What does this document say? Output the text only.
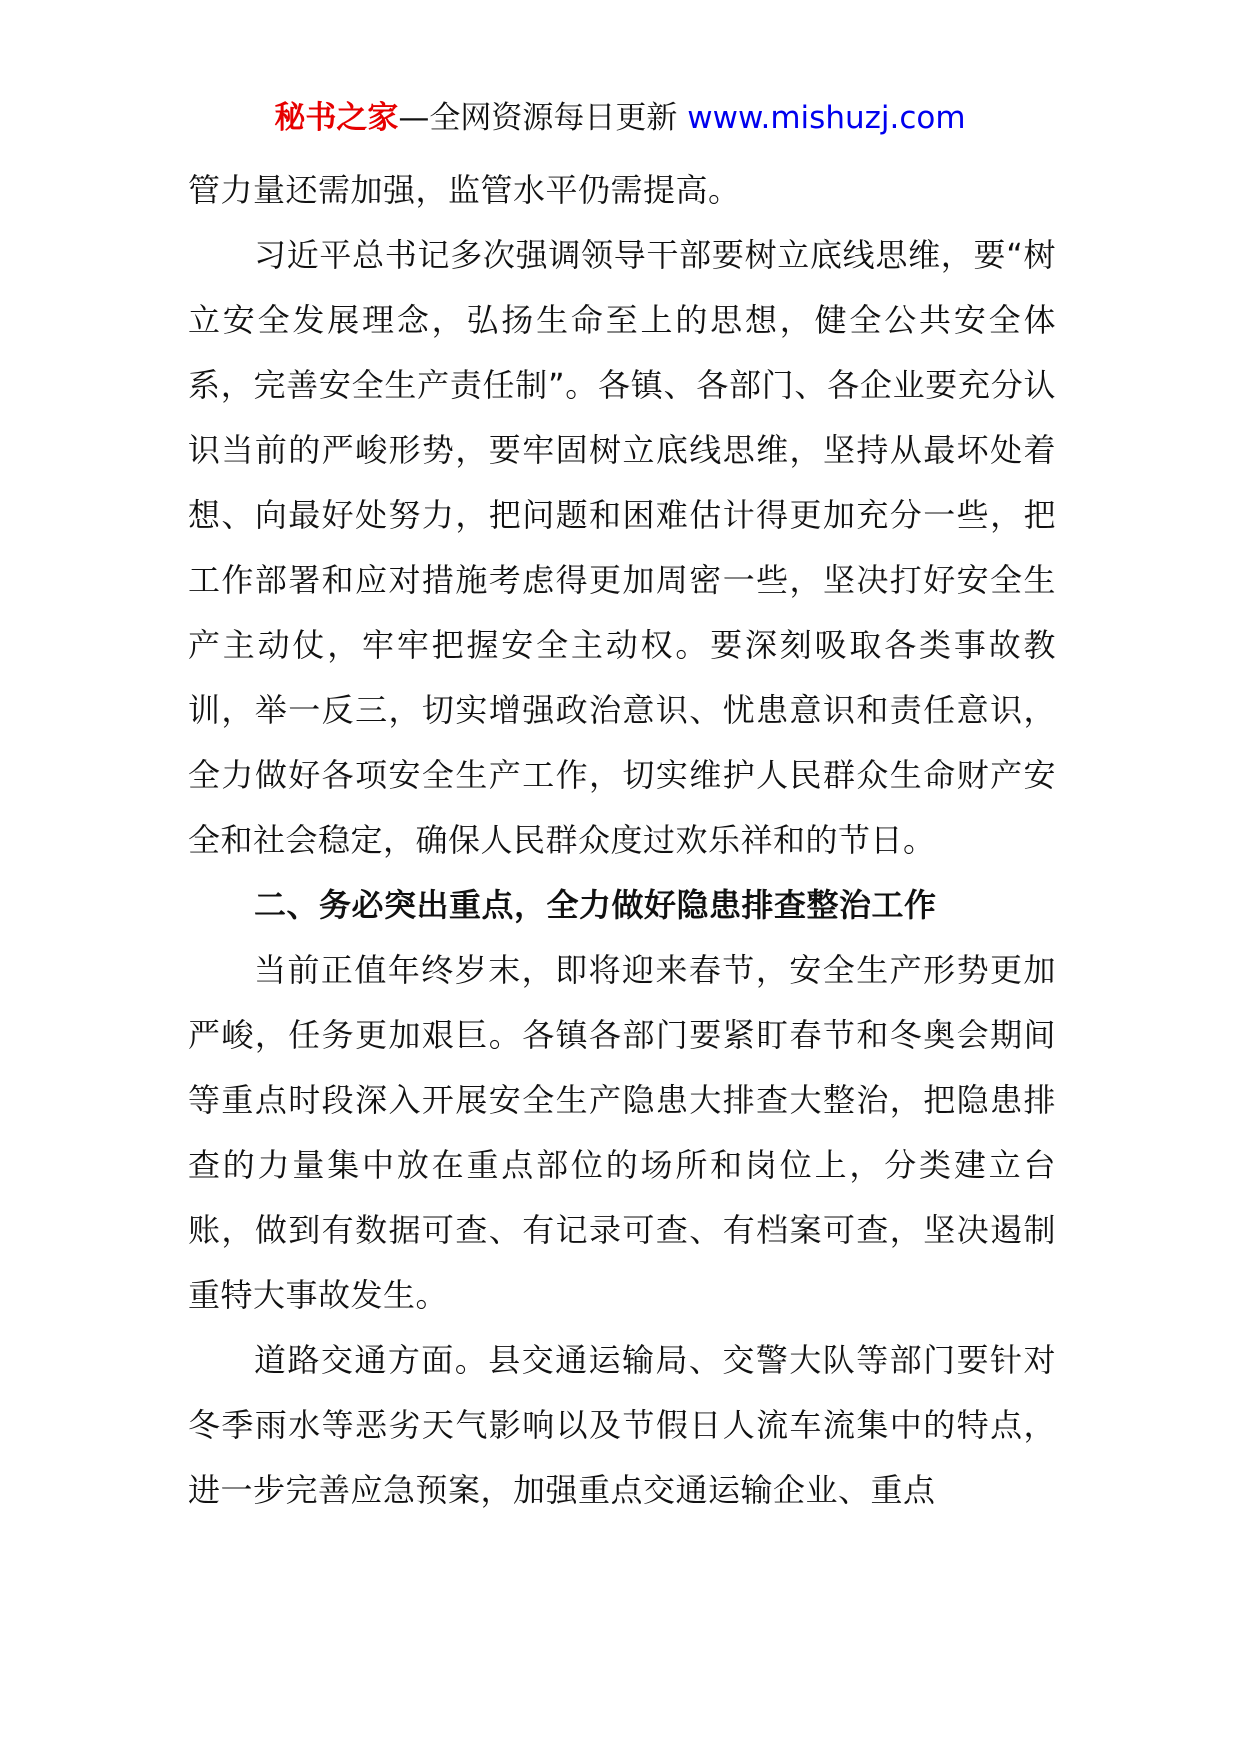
秘书之家—全网资源每日更新 www.mishuzj.com

管力量还需加强，监管水平仍需提高。

习近平总书记多次强调领导干部要树立底线思维，要“树立安全发展理念，弘扬生命至上的思想，健全公共安全体系，完善安全生产责任制”。各镇、各部门、各企业要充分认识当前的严峻形势，要牢固树立底线思维，坚持从最坏处着想、向最好处努力，把问题和困难估计得更加充分一些，把工作部署和应对措施考虑得更加周密一些，坚决打好安全生产主动仗，牢牢把握安全主动权。要深刻吸取各类事故教训，举一反三，切实增强政治意识、忧患意识和责任意识，全力做好各项安全生产工作，切实维护人民群众生命财产安全和社会稳定，确保人民群众度过欢乐祥和的节日。

二、务必突出重点，全力做好隐患排查整治工作

当前正值年终岁末，即将迎来春节，安全生产形势更加严峻，任务更加艰巨。各镇各部门要紧盯春节和冬奥会期间等重点时段深入开展安全生产隐患大排查大整治，把隐患排查的力量集中放在重点部位的场所和岗位上，分类建立台账，做到有数据可查、有记录可查、有档案可查，坚决遏制重特大事故发生。

道路交通方面。县交通运输局、交警大队等部门要针对冬季雨水等恶劣天气影响以及节假日人流车流集中的特点，进一步完善应急预案，加强重点交通运输企业、重点
